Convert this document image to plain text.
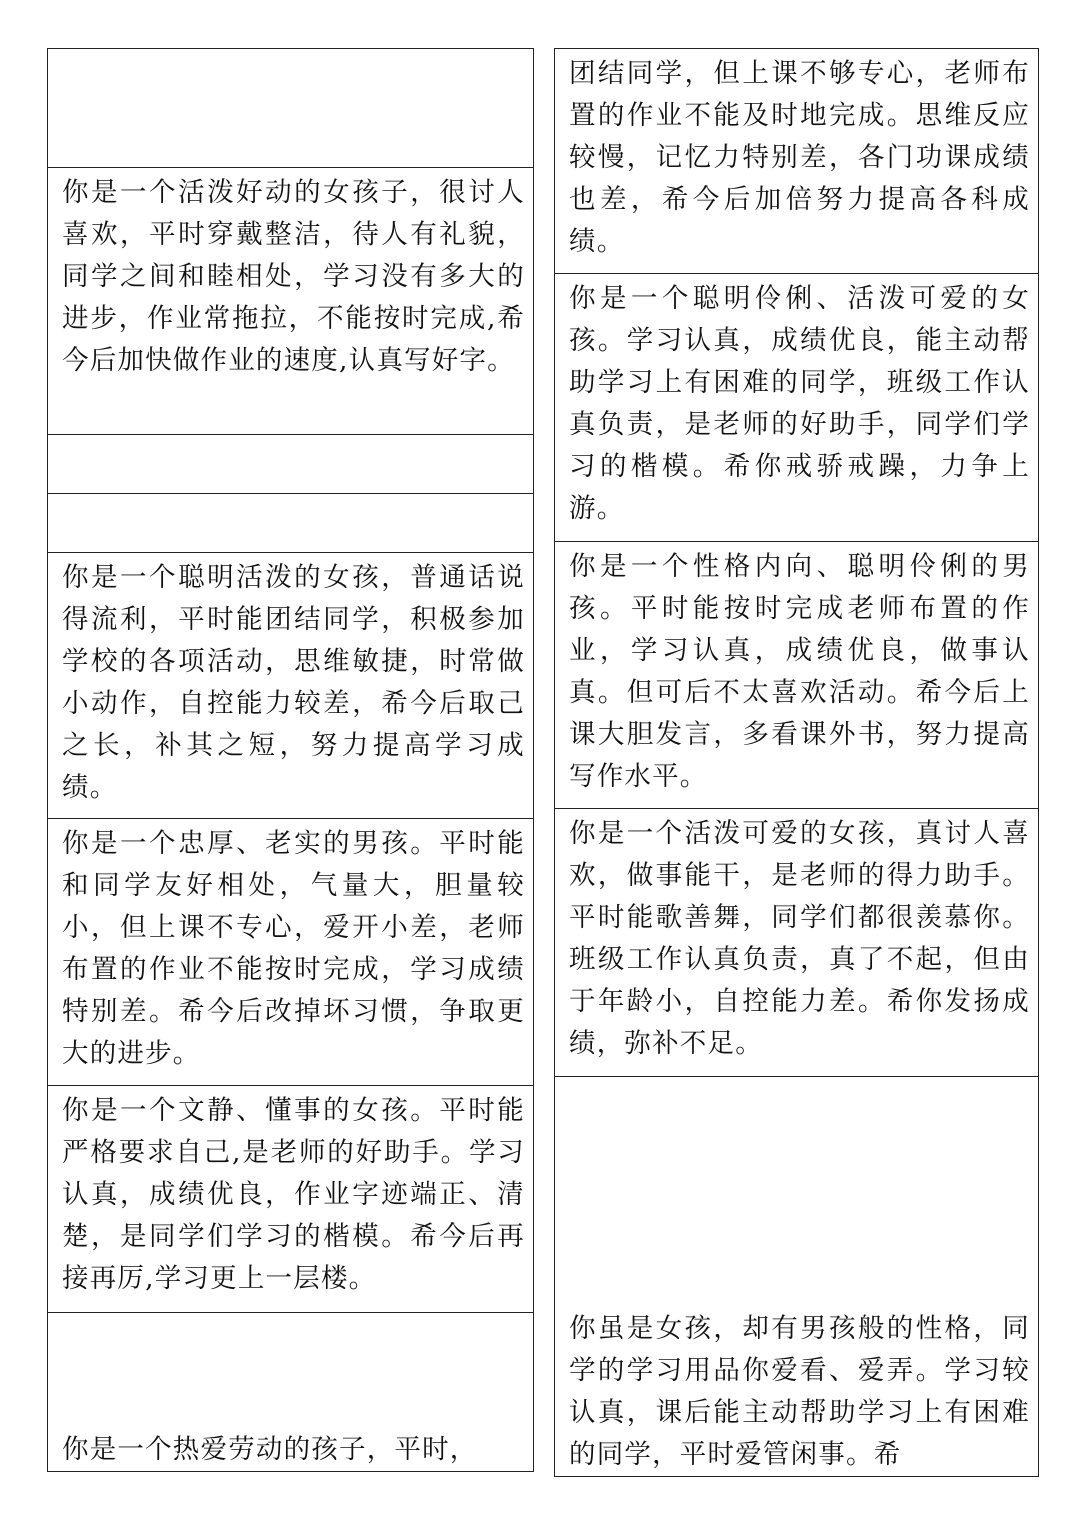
你是一个活泼好动的女孩子，很讨人喜欢，平时穿戴整洁，待人有礼貌，同学之间和睦相处，学习没有多大的进步，作业常拖拉，不能按时完成,希今后加快做作业的速度,认真写好字。

你是一个聪明活泼的女孩，普通话说得流利，平时能团结同学，积极参加学校的各项活动，思维敏捷，时常做小动作，自控能力较差，希今后取己之长，补其之短，努力提高学习成绩。

你是一个忠厚、老实的男孩。平时能和同学友好相处，气量大，胆量较小，但上课不专心，爱开小差，老师布置的作业不能按时完成，学习成绩特别差。希今后改掉坏习惯，争取更大的进步。

你是一个文静、懂事的女孩。平时能严格要求自己,是老师的好助手。学习认真，成绩优良，作业字迹端正、清楚，是同学们学习的楷模。希今后再接再厉,学习更上一层楼。

你是一个热爱劳动的孩子，平时，

团结同学，但上课不够专心，老师布置的作业不能及时地完成。思维反应较慢，记忆力特别差，各门功课成绩也差，希今后加倍努力提高各科成绩。

你是一个聪明伶俐、活泼可爱的女孩。学习认真，成绩优良，能主动帮助学习上有困难的同学，班级工作认真负责，是老师的好助手，同学们学习的楷模。希你戒骄戒躁，力争上游。

你是一个性格内向、聪明伶俐的男孩。平时能按时完成老师布置的作业，学习认真，成绩优良，做事认真。但可后不太喜欢活动。希今后上课大胆发言，多看课外书，努力提高写作水平。

你是一个活泼可爱的女孩，真讨人喜欢，做事能干，是老师的得力助手。平时能歌善舞，同学们都很羡慕你。班级工作认真负责，真了不起，但由于年龄小，自控能力差。希你发扬成绩，弥补不足。

你虽是女孩，却有男孩般的性格，同学的学习用品你爱看、爱弄。学习较认真，课后能主动帮助学习上有困难的同学，平时爱管闲事。希
